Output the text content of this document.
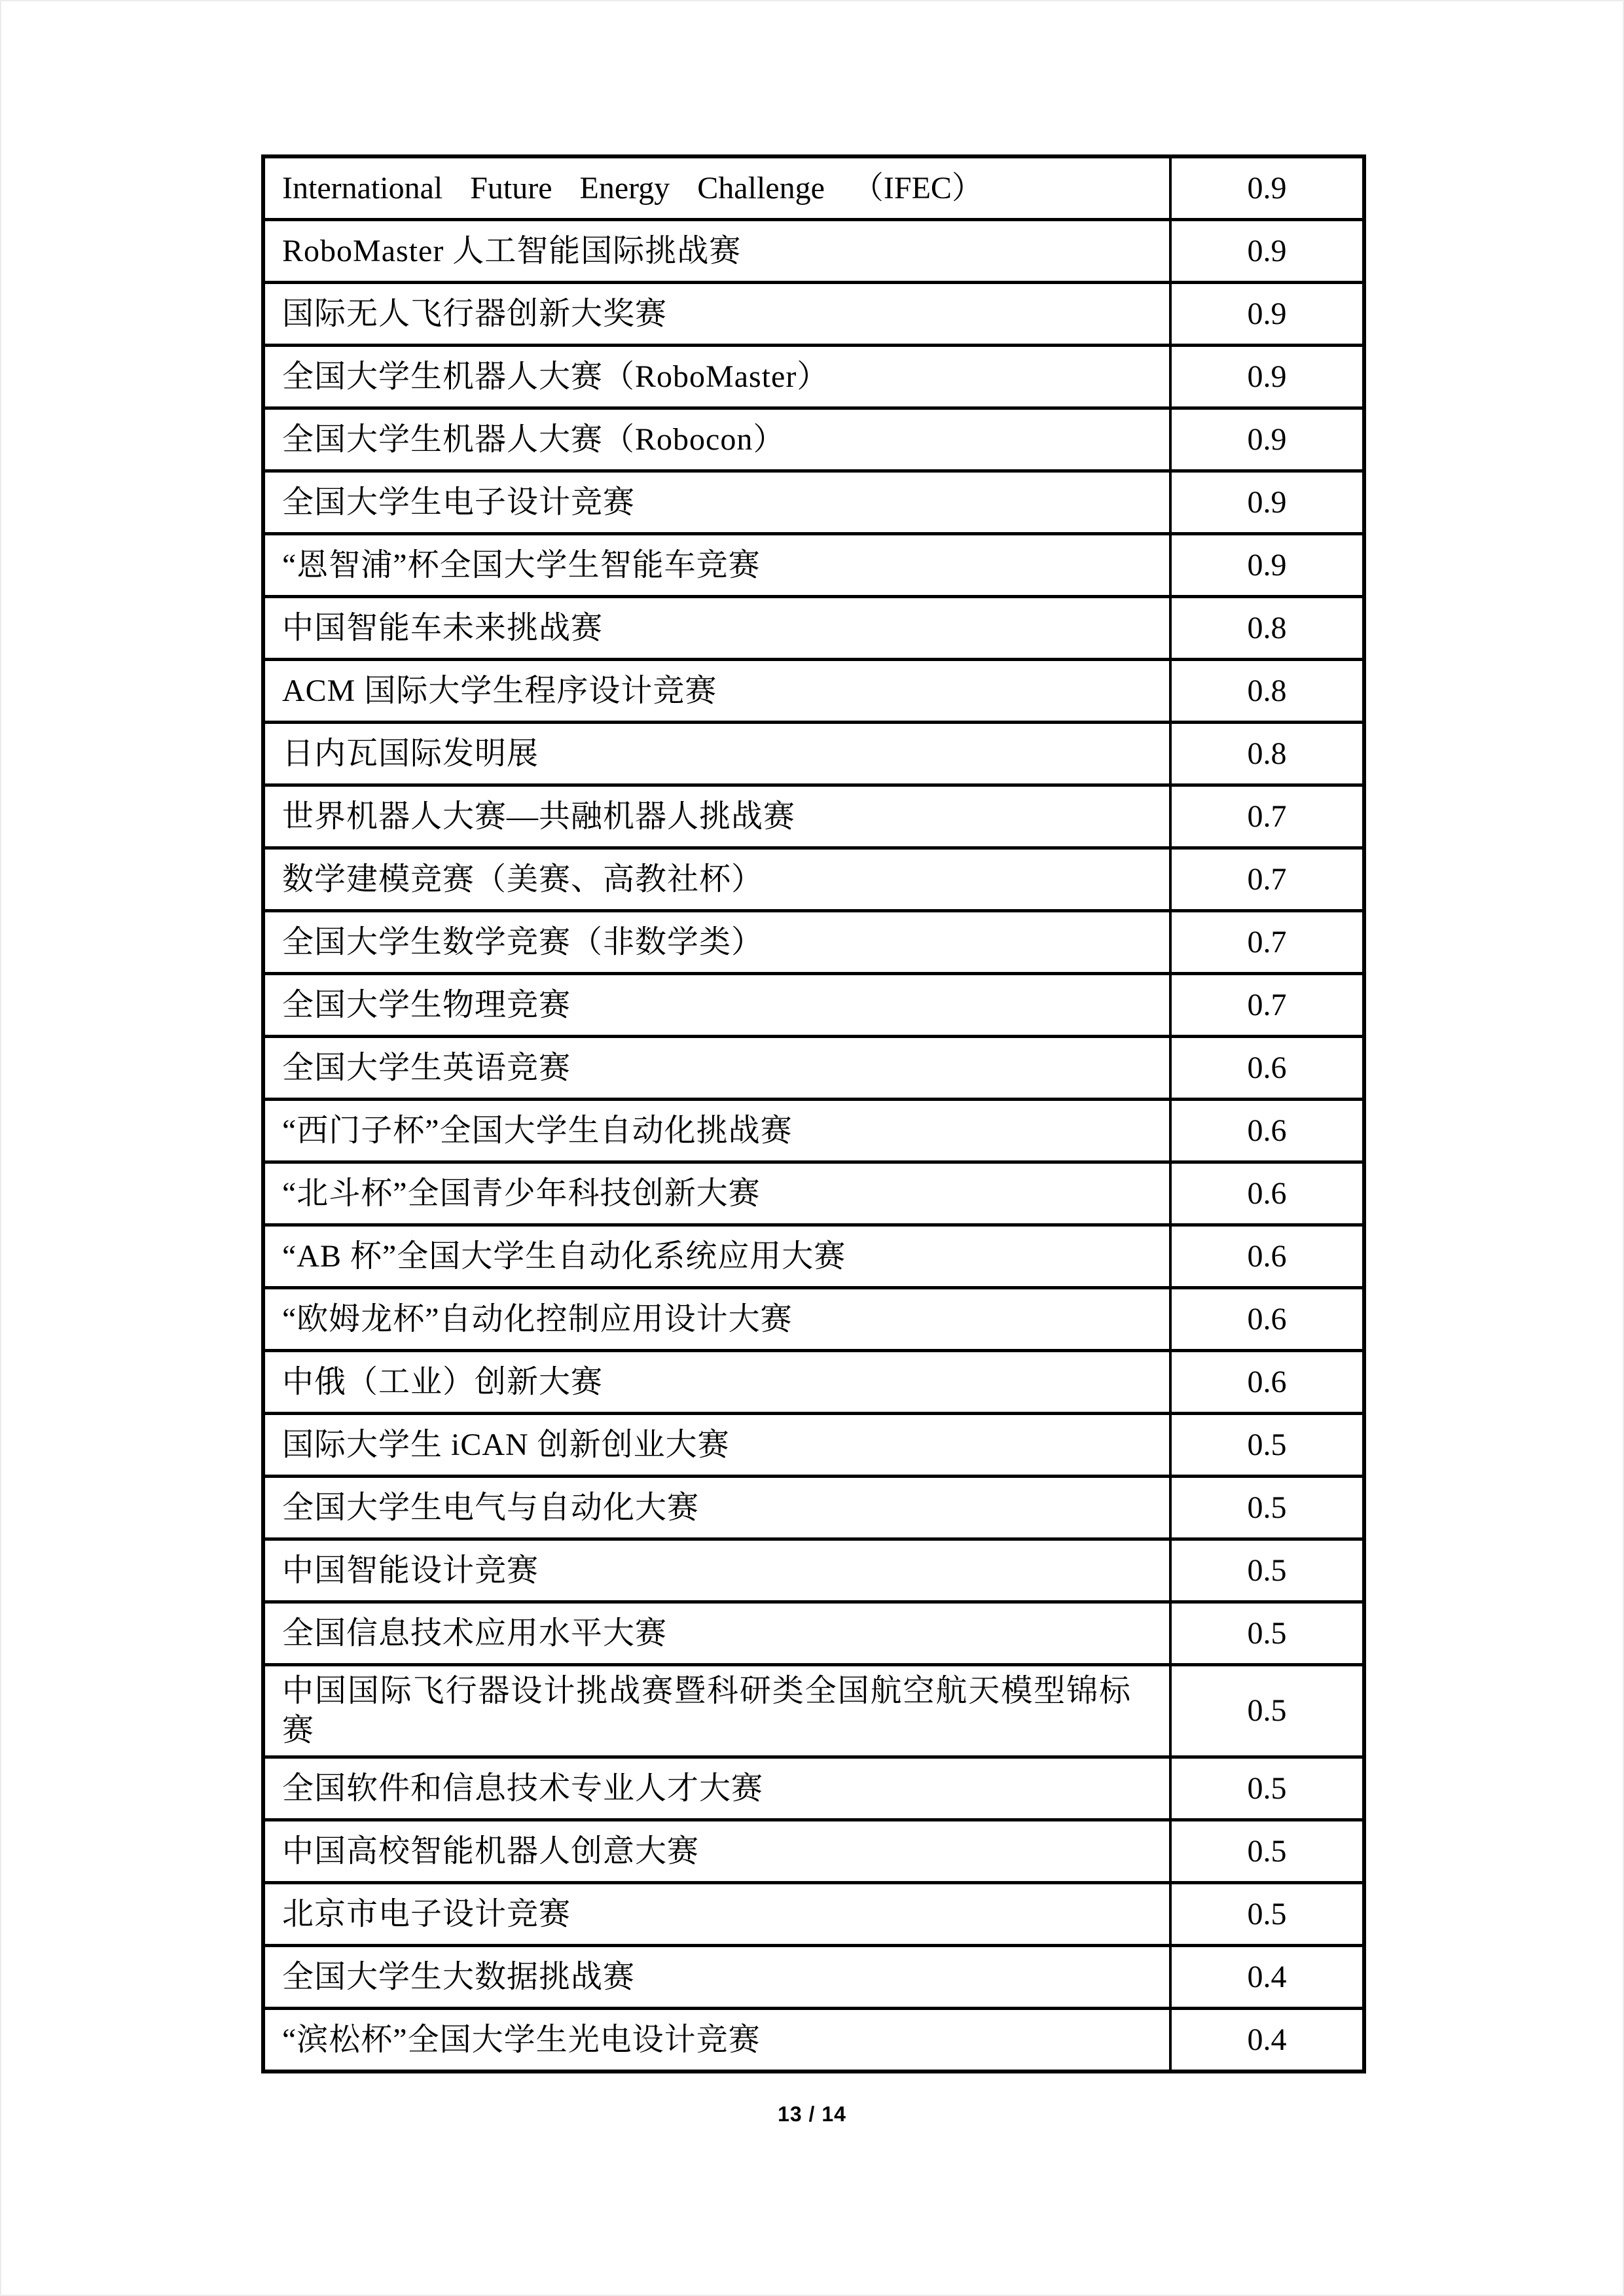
International Future Energy Challenge （IFEC）	0.9
RoboMaster 人工智能国际挑战赛	0.9
国际无人飞行器创新大奖赛	0.9
全国大学生机器人大赛（RoboMaster）	0.9
全国大学生机器人大赛（Robocon）	0.9
全国大学生电子设计竞赛	0.9
“恩智浦”杯全国大学生智能车竞赛	0.9
中国智能车未来挑战赛	0.8
ACM 国际大学生程序设计竞赛	0.8
日内瓦国际发明展	0.8
世界机器人大赛—共融机器人挑战赛	0.7
数学建模竞赛（美赛、高教社杯）	0.7
全国大学生数学竞赛（非数学类）	0.7
全国大学生物理竞赛	0.7
全国大学生英语竞赛	0.6
“西门子杯”全国大学生自动化挑战赛	0.6
“北斗杯”全国青少年科技创新大赛	0.6
“AB 杯”全国大学生自动化系统应用大赛	0.6
“欧姆龙杯”自动化控制应用设计大赛	0.6
中俄（工业）创新大赛	0.6
国际大学生 iCAN 创新创业大赛	0.5
全国大学生电气与自动化大赛	0.5
中国智能设计竞赛	0.5
全国信息技术应用水平大赛	0.5
中国国际飞行器设计挑战赛暨科研类全国航空航天模型锦标赛	0.5
全国软件和信息技术专业人才大赛	0.5
中国高校智能机器人创意大赛	0.5
北京市电子设计竞赛	0.5
全国大学生大数据挑战赛	0.4
“滨松杯”全国大学生光电设计竞赛	0.4
13 / 14
